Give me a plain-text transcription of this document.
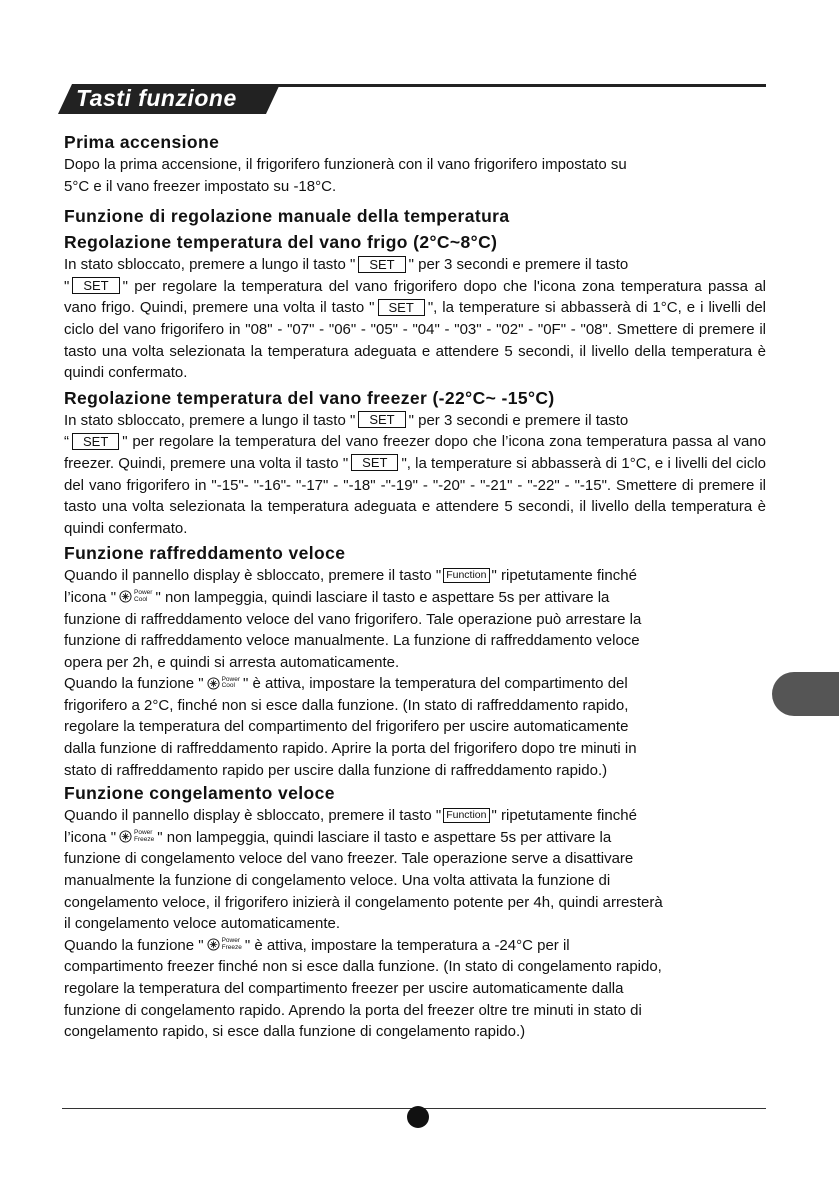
Tasti funzione
Prima accensione

Dopo la prima accensione, il frigorifero funzionerà con il vano frigorifero impostato su

5°C e il vano freezer impostato su -18°C.

Funzione di regolazione manuale della temperatura
Regolazione temperatura del vano frigo (2°C~8°C)

In stato sbloccato, premere a lungo il tasto " SET " per 3 secondi e premere il tasto

" SET " per regolare la temperatura del vano frigorifero dopo che l'icona zona temperatura passa al vano frigo. Quindi, premere una volta il tasto " SET ", la temperature si abbasserà di 1°C, e i livelli del ciclo del vano frigorifero in "08" - "07" - "06" - "05" - "04" - "03" - "02" - "0F" - "08". Smettere di premere il tasto una volta selezionata la temperatura adeguata e attendere 5 secondi, il livello della temperatura è quindi confermato.

Regolazione temperatura del vano freezer (-22°C~ -15°C)

In stato sbloccato, premere a lungo il tasto " SET " per 3 secondi e premere il tasto

“ SET " per regolare la temperatura del vano freezer dopo che l’icona zona temperatura passa al vano freezer. Quindi, premere una volta il tasto " SET ", la temperature si abbasserà di 1°C, e i livelli del ciclo del vano frigorifero in "-15"- "-16"- "-17" - "-18" -"-19" - "-20" - "-21" - "-22" - "-15". Smettere di premere il tasto una volta selezionata la temperatura adeguata e attendere 5 secondi, il livello della temperatura è quindi confermato.

Funzione raffreddamento veloce

Quando il pannello display è sbloccato, premere il tasto " Function " ripetutamente finché

l’icona "	Power
Cool " non lampeggia, quindi lasciare il tasto e aspettare 5s per attivare la

funzione di raffreddamento veloce del vano frigorifero. Tale operazione può arrestare la

funzione di raffreddamento veloce manualmente. La funzione di raffreddamento veloce

opera per 2h, e quindi si arresta automaticamente.

Quando la funzione "	Power
Cool " è attiva, impostare la temperatura del compartimento del

frigorifero a 2°C, finché non si esce dalla funzione. (In stato di raffreddamento rapido,

regolare la temperatura del compartimento del frigorifero per uscire automaticamente

dalla funzione di raffreddamento rapido. Aprire la porta del frigorifero dopo tre minuti in

stato di raffreddamento rapido per uscire dalla funzione di raffreddamento rapido.)

Funzione congelamento veloce

Quando il pannello display è sbloccato, premere il tasto " Function " ripetutamente finché

l’icona "	Power
Freeze " non lampeggia, quindi lasciare il tasto e aspettare 5s per attivare la

funzione di congelamento veloce del vano freezer. Tale operazione serve a disattivare

manualmente la funzione di congelamento veloce. Una volta attivata la funzione di

congelamento veloce, il frigorifero inizierà il congelamento potente per 4h, quindi arresterà

il congelamento veloce automaticamente.

Quando la funzione "	Power
Freeze " è attiva, impostare la temperatura a -24°C per il

compartimento freezer finché non si esce dalla funzione. (In stato di congelamento rapido,

regolare la temperatura del compartimento freezer per uscire automaticamente dalla

funzione di congelamento rapido. Aprendo la porta del freezer oltre tre minuti in stato di

congelamento rapido, si esce dalla funzione di congelamento rapido.)
